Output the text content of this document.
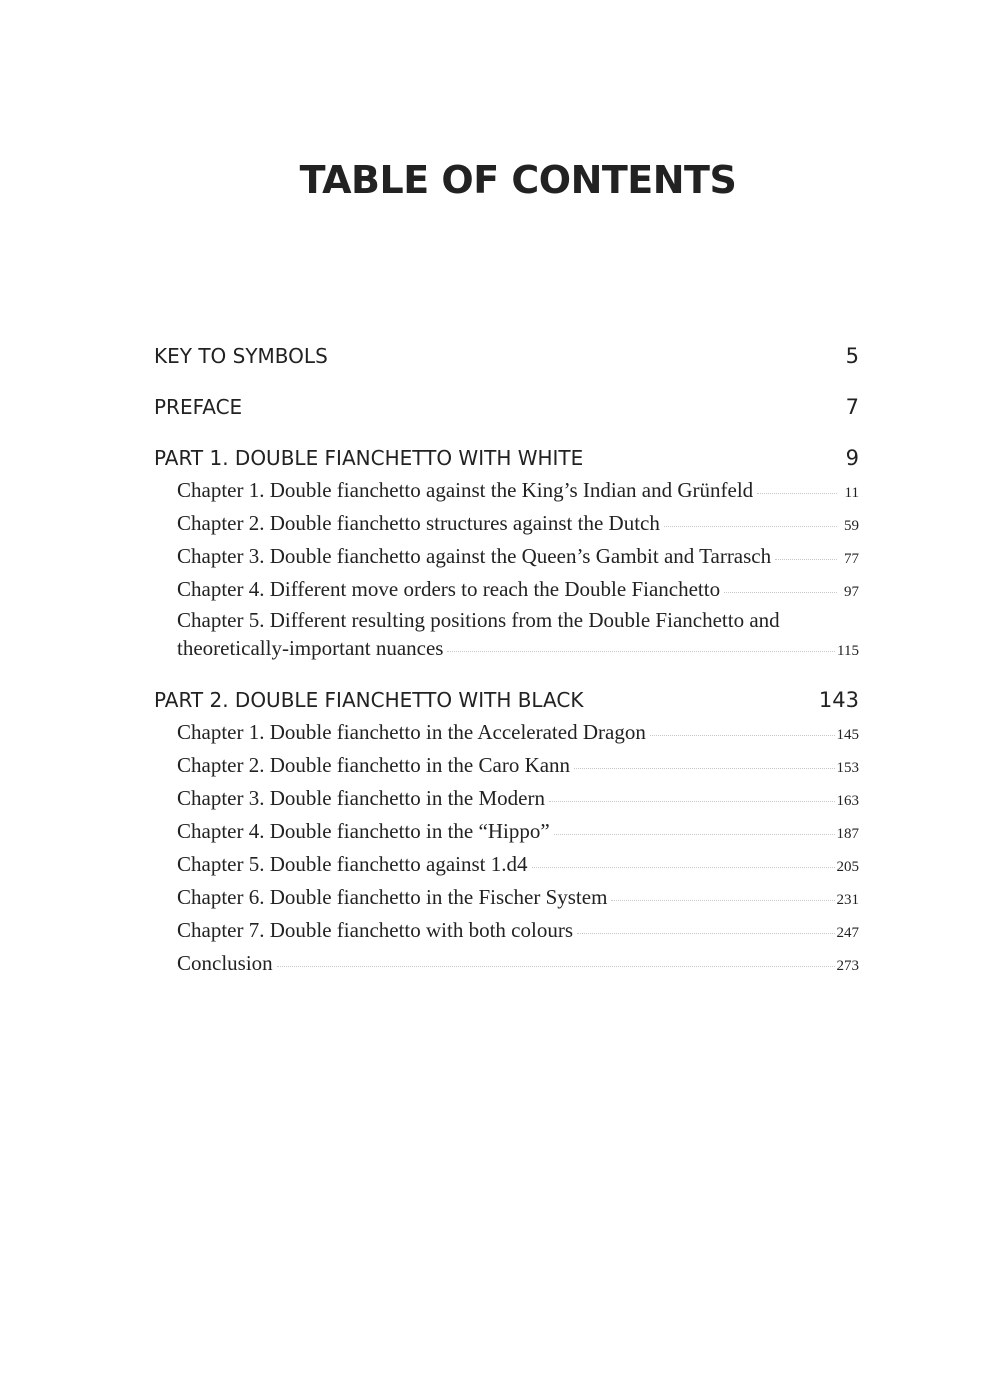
TABLE OF CONTENTS
KEY TO SYMBOLS	5
PREFACE	7
PART 1. DOUBLE FIANCHETTO WITH WHITE	9
Chapter 1. Double fianchetto against the King’s Indian and Grünfeld	11
Chapter 2. Double fianchetto structures against the Dutch	59
Chapter 3. Double fianchetto against the Queen’s Gambit and Tarrasch	77
Chapter 4. Different move orders to reach the Double Fianchetto	97
Chapter 5. Different resulting positions from the Double Fianchetto and
theoretically-important nuances	115
PART 2. DOUBLE FIANCHETTO WITH BLACK	143
Chapter 1. Double fianchetto in the Accelerated Dragon	145
Chapter 2. Double fianchetto in the Caro Kann	153
Chapter 3. Double fianchetto in the Modern	163
Chapter 4. Double fianchetto in the “Hippo”	187
Chapter 5. Double fianchetto against 1.d4	205
Chapter 6. Double fianchetto in the Fischer System	231
Chapter 7. Double fianchetto with both colours	247
Conclusion	273
